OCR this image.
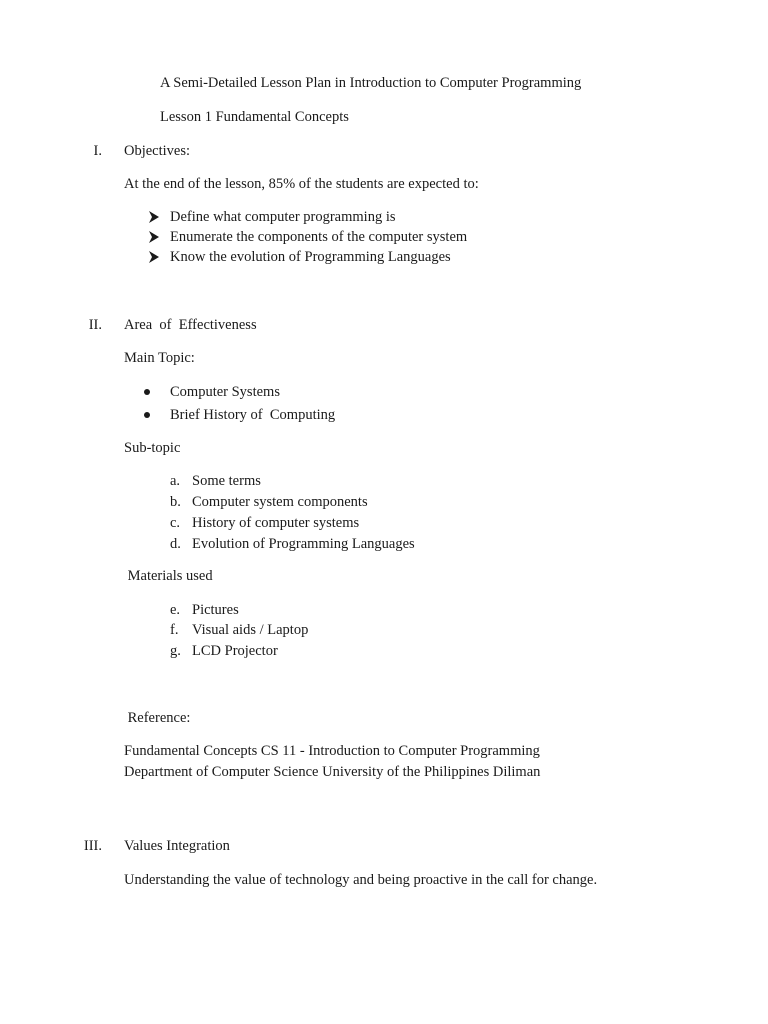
A Semi-Detailed Lesson Plan in Introduction to Computer Programming
Lesson 1 Fundamental Concepts
I. Objectives:
At the end of the lesson, 85% of the students are expected to:
Define what computer programming is
Enumerate the components of the computer system
Know the evolution of Programming Languages
II. Area  of  Effectiveness
Main Topic:
Computer Systems
Brief History of  Computing
Sub-topic
a. Some terms
b. Computer system components
c. History of computer systems
d. Evolution of Programming Languages
Materials used
e. Pictures
f. Visual aids / Laptop
g. LCD Projector
Reference:
Fundamental Concepts CS 11 - Introduction to Computer Programming
Department of Computer Science University of the Philippines Diliman
III. Values Integration
Understanding the value of technology and being proactive in the call for change.
